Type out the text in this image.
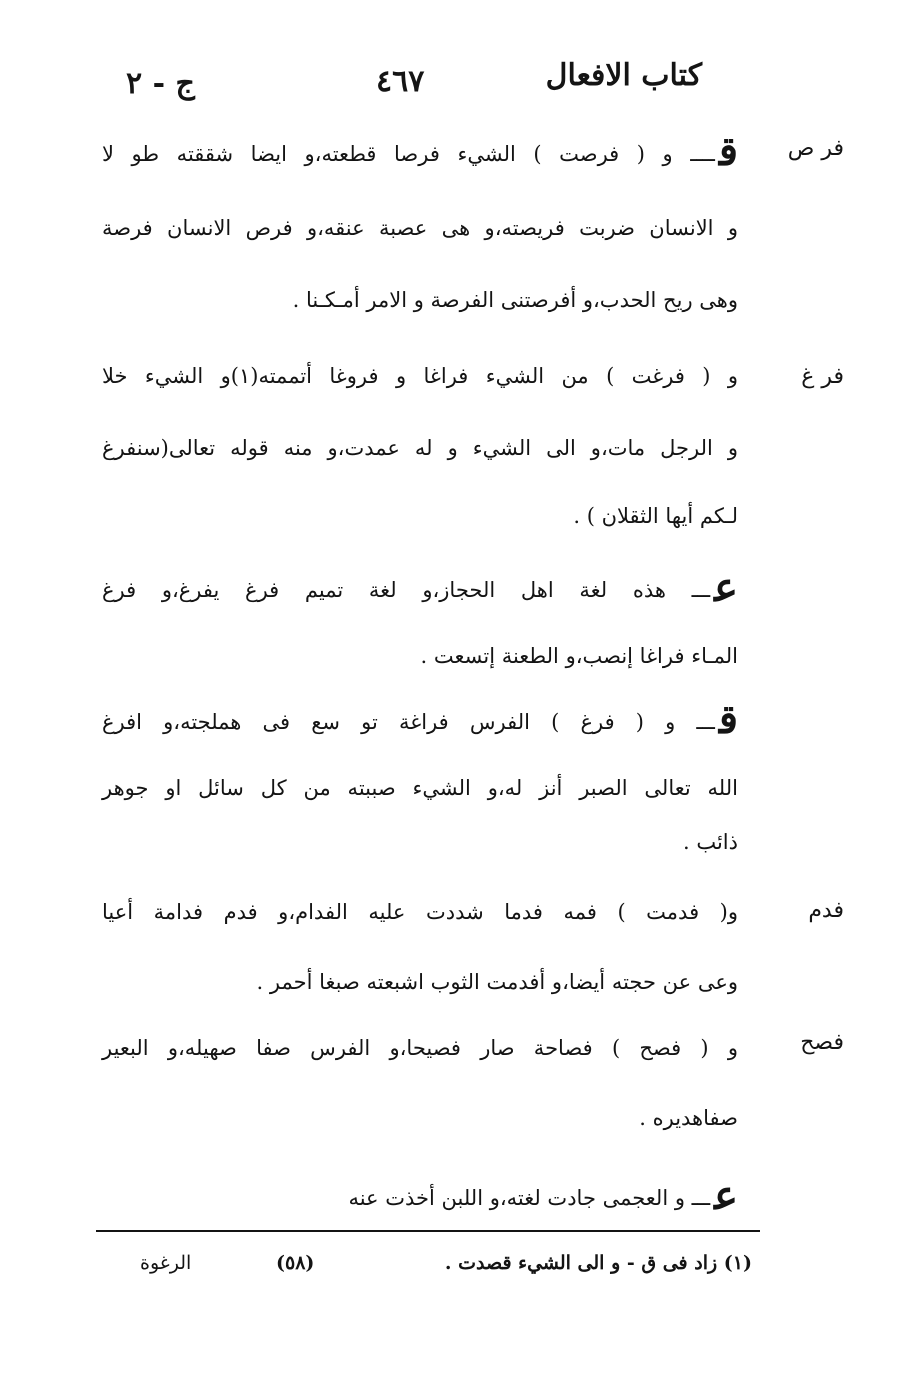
كتاب الافعال
٤٦٧
ج - ٢
فر ص
قــــ و ( فرصت ) الشيء فرصا قطعته،و ايضا شققته طو لا
و الانسان ضربت فريصته،و هى عصبة عنقه،و فرص الانسان فرصة
وهى ريح الحدب،و أفرصتنى الفرصة و الامر أمـكـنا .
فر غ
و ( فرغت ) من الشيء فراغا و فروغا أتممته(١)و الشيء خلا
و الرجل مات،و الى الشيء و له عمدت،و منه قوله تعالى(سنفرغ
لـكم أيها الثقلان ) .
عـــ هذه لغة اهل الحجاز،و لغة تميم فرغ يفرغ،و فرغ
المـاء فراغا إنصب،و الطعنة إتسعت .
قـــ و ( فرغ ) الفرس فراغة تو سع فى هملجته،و افرغ
الله تعالى الصبر أنز له،و الشيء صببته من كل سائل او جوهر
ذائب .
فدم
و( فدمت ) فمه فدما شددت عليه الفدام،و فدم فدامة أعيا
وعى عن حجته أيضا،و أفدمت الثوب اشبعته صبغا أحمر .
فصح
و ( فصح ) فصاحة صار فصيحا،و الفرس صفا صهيله،و البعير
صفاهديره .
عـــ و العجمى جادت لغته،و اللبن أخذت عنه
(١) زاد فى ق - و الى الشيء قصدت .
(٥٨)
الرغوة
